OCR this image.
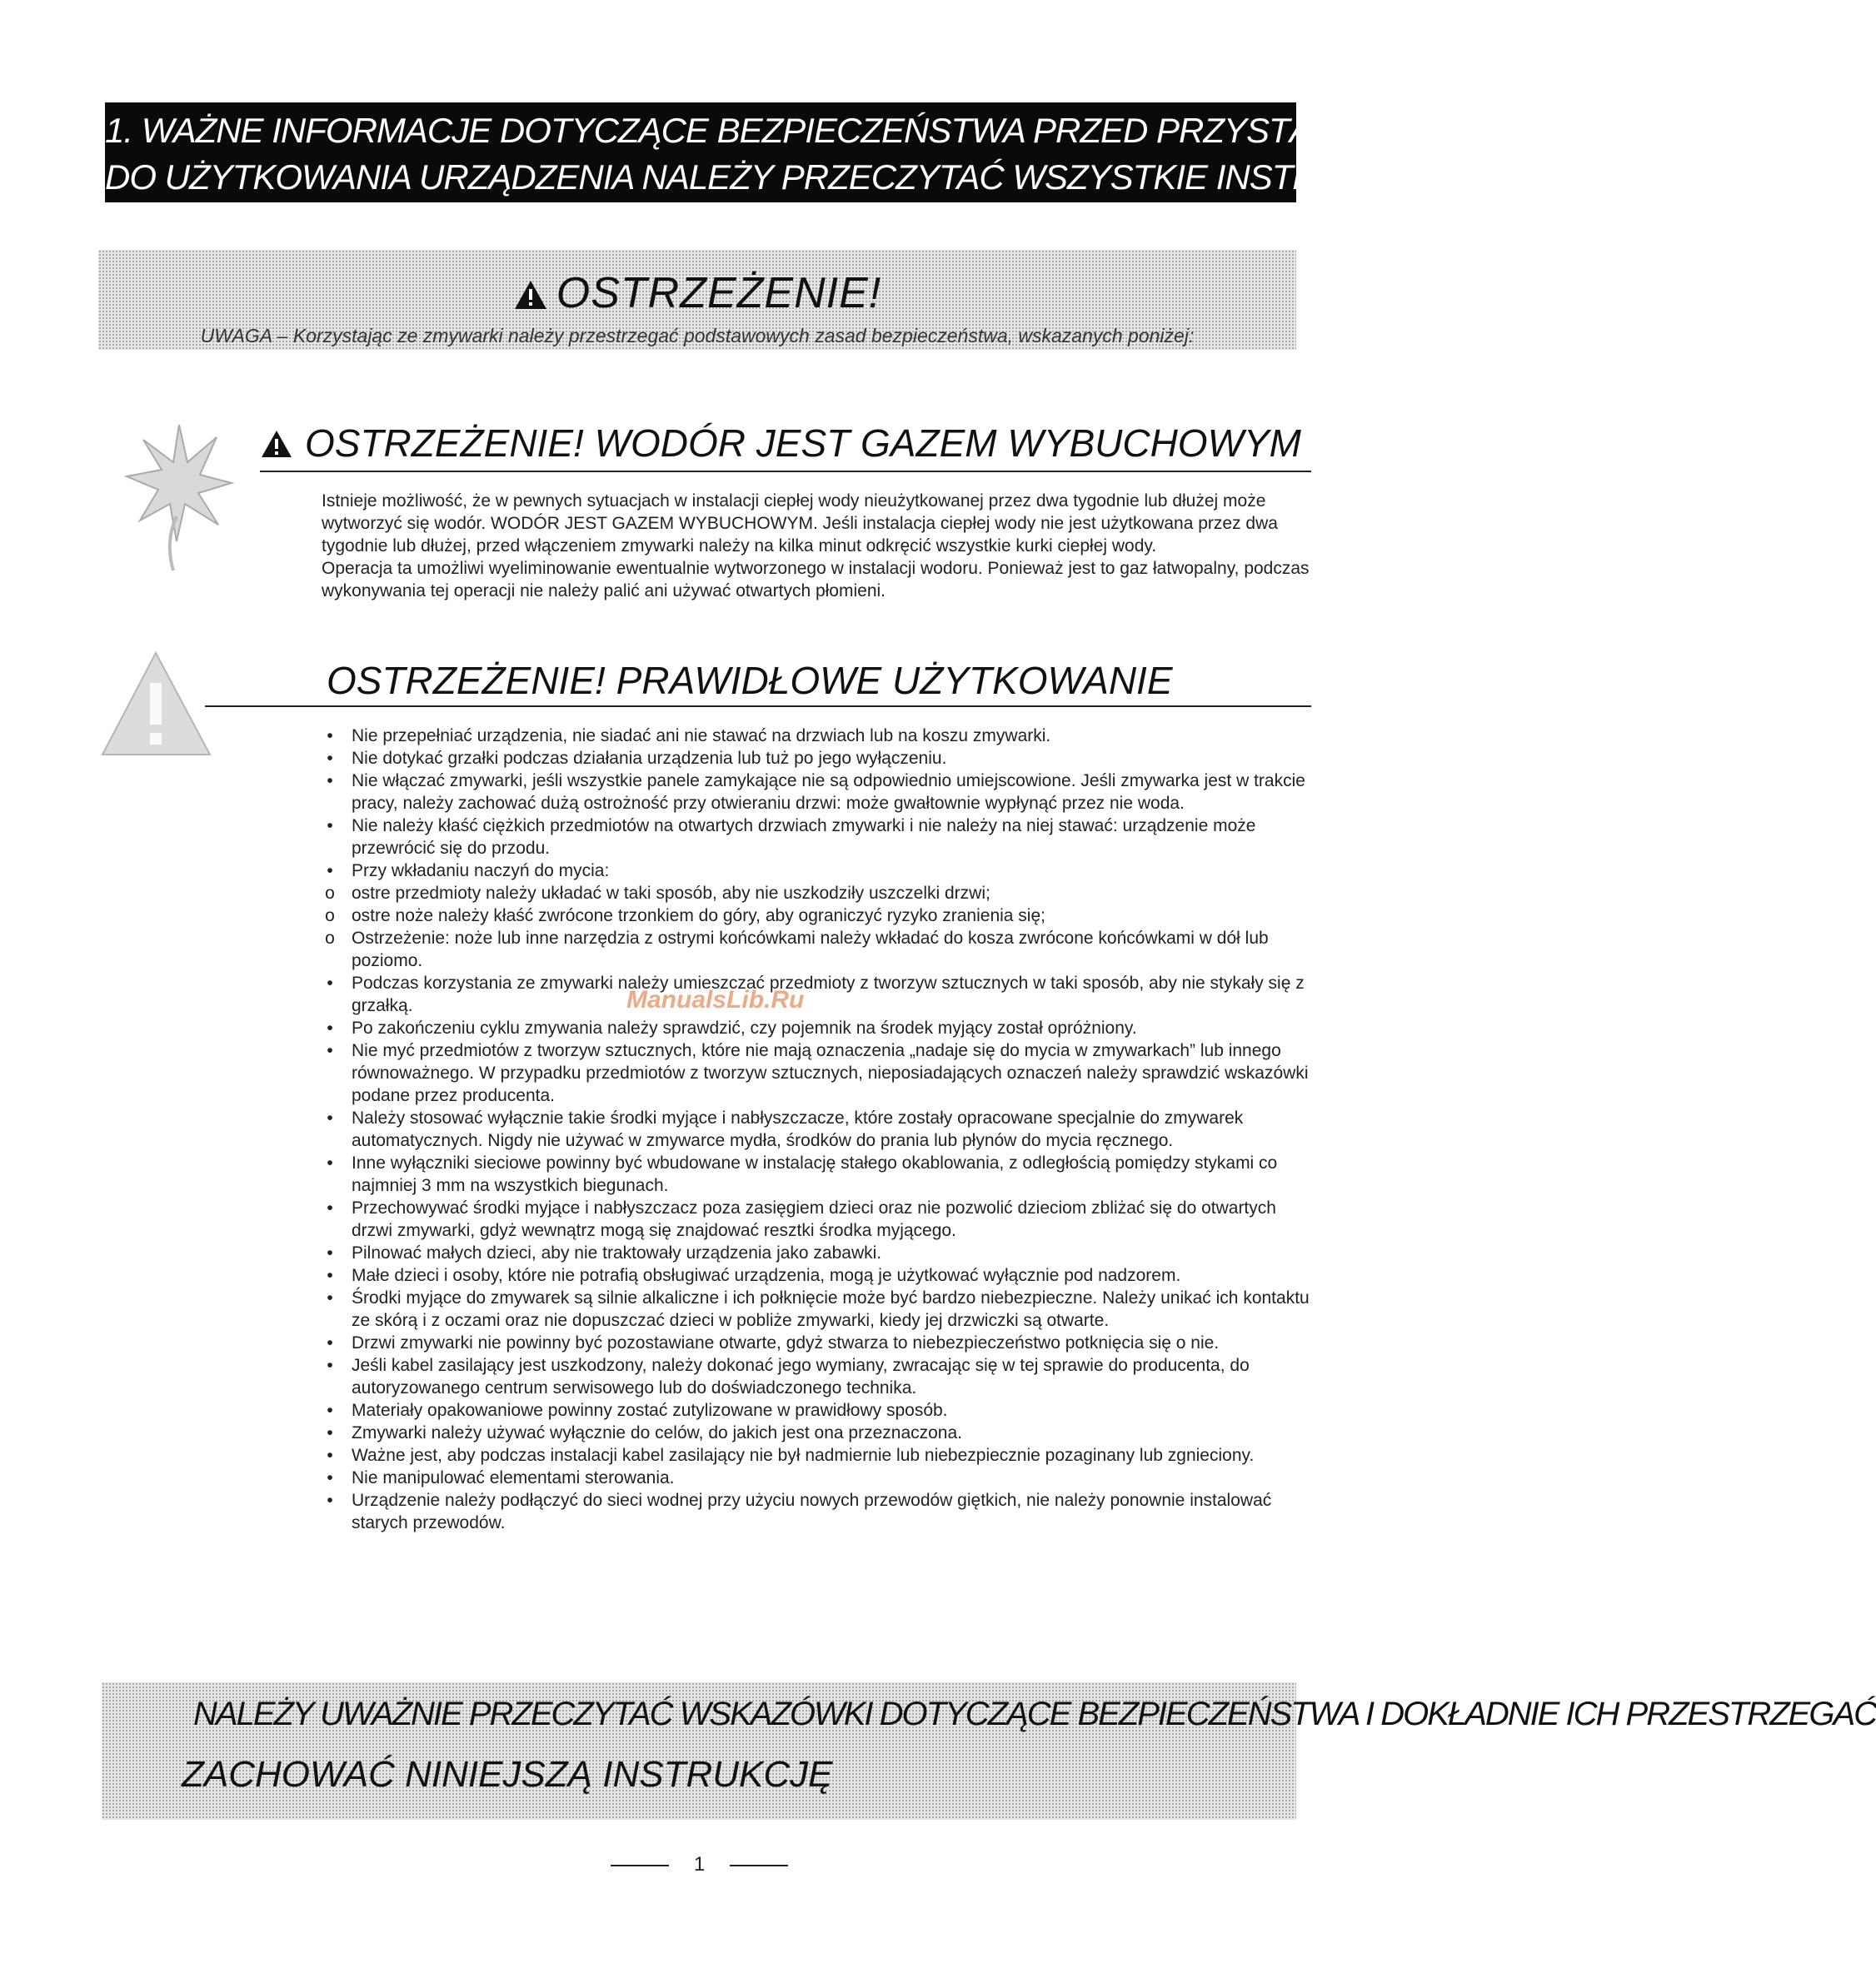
1. WAŻNE INFORMACJE DOTYCZĄCE BEZPIECZEŃSTWA PRZED PRZYSTĄPIENIEM
DO UŻYTKOWANIA URZĄDZENIA NALEŻY PRZECZYTAĆ WSZYSTKIE INSTRUKCJE
OSTRZEŻENIE!
UWAGA – Korzystając ze zmywarki należy przestrzegać podstawowych zasad bezpieczeństwa, wskazanych poniżej:
OSTRZEŻENIE! WODÓR JEST GAZEM WYBUCHOWYM

Istnieje możliwość, że w pewnych sytuacjach w instalacji ciepłej wody nieużytkowanej przez dwa tygodnie lub dłużej może wytworzyć się wodór. WODÓR JEST GAZEM WYBUCHOWYM. Jeśli instalacja ciepłej wody nie jest użytkowana przez dwa tygodnie lub dłużej, przed włączeniem zmywarki należy na kilka minut odkręcić wszystkie kurki ciepłej wody.

Operacja ta umożliwi wyeliminowanie ewentualnie wytworzonego w instalacji wodoru. Ponieważ jest to gaz łatwopalny, podczas wykonywania tej operacji nie należy palić ani używać otwartych płomieni.

OSTRZEŻENIE! PRAWIDŁOWE UŻYTKOWANIE
•	Nie przepełniać urządzenia, nie siadać ani nie stawać na drzwiach lub na koszu zmywarki.
•	Nie dotykać grzałki podczas działania urządzenia lub tuż po jego wyłączeniu.
•	Nie włączać zmywarki, jeśli wszystkie panele zamykające nie są odpowiednio umiejscowione. Jeśli zmywarka jest w trakcie pracy, należy zachować dużą ostrożność przy otwieraniu drzwi: może gwałtownie wypłynąć przez nie woda.
•	Nie należy kłaść ciężkich przedmiotów na otwartych drzwiach zmywarki i nie należy na niej stawać: urządzenie może przewrócić się do przodu.
•	Przy wkładaniu naczyń do mycia:
o ostre przedmioty należy układać w taki sposób, aby nie uszkodziły uszczelki drzwi;
o ostre noże należy kłaść zwrócone trzonkiem do góry, aby ograniczyć ryzyko zranienia się;
o Ostrzeżenie: noże lub inne narzędzia z ostrymi końcówkami należy wkładać do kosza zwrócone końcówkami w dół lub poziomo.
•	Podczas korzystania ze zmywarki należy umieszczać przedmioty z tworzyw sztucznych w taki sposób, aby nie stykały się z grzałką.
•	Po zakończeniu cyklu zmywania należy sprawdzić, czy pojemnik na środek myjący został opróżniony.
•	Nie myć przedmiotów z tworzyw sztucznych, które nie mają oznaczenia „nadaje się do mycia w zmywarkach” lub innego równoważnego. W przypadku przedmiotów z tworzyw sztucznych, nieposiadających oznaczeń należy sprawdzić wskazówki podane przez producenta.
•	Należy stosować wyłącznie takie środki myjące i nabłyszczacze, które zostały opracowane specjalnie do zmywarek automatycznych. Nigdy nie używać w zmywarce mydła, środków do prania lub płynów do mycia ręcznego.
•	Inne wyłączniki sieciowe powinny być wbudowane w instalację stałego okablowania, z odległością pomiędzy stykami co najmniej 3 mm na wszystkich biegunach.
•	Przechowywać środki myjące i nabłyszczacz poza zasięgiem dzieci oraz nie pozwolić dzieciom zbliżać się do otwartych drzwi zmywarki, gdyż wewnątrz mogą się znajdować resztki środka myjącego.
•	Pilnować małych dzieci, aby nie traktowały urządzenia jako zabawki.
•	Małe dzieci i osoby, które nie potrafią obsługiwać urządzenia, mogą je użytkować wyłącznie pod nadzorem.
•	Środki myjące do zmywarek są silnie alkaliczne i ich połknięcie może być bardzo niebezpieczne. Należy unikać ich kontaktu ze skórą i z oczami oraz nie dopuszczać dzieci w pobliże zmywarki, kiedy jej drzwiczki są otwarte.
•	Drzwi zmywarki nie powinny być pozostawiane otwarte, gdyż stwarza to niebezpieczeństwo potknięcia się o nie.
•	Jeśli kabel zasilający jest uszkodzony, należy dokonać jego wymiany, zwracając się w tej sprawie do producenta, do autoryzowanego centrum serwisowego lub do doświadczonego technika.
•	Materiały opakowaniowe powinny zostać zutylizowane w prawidłowy sposób.
•	Zmywarki należy używać wyłącznie do celów, do jakich jest ona przeznaczona.
•	Ważne jest, aby podczas instalacji kabel zasilający nie był nadmiernie lub niebezpiecznie pozaginany lub zgnieciony.
•	Nie manipulować elementami sterowania.
•	Urządzenie należy podłączyć do sieci wodnej przy użyciu nowych przewodów giętkich, nie należy ponownie instalować starych przewodów.
ManualsLib.Ru
NALEŻY UWAŻNIE PRZECZYTAĆ WSKAZÓWKI DOTYCZĄCE BEZPIECZEŃSTWA I DOKŁADNIE ICH PRZESTRZEGAĆ
ZACHOWAĆ NINIEJSZĄ INSTRUKCJĘ
1
